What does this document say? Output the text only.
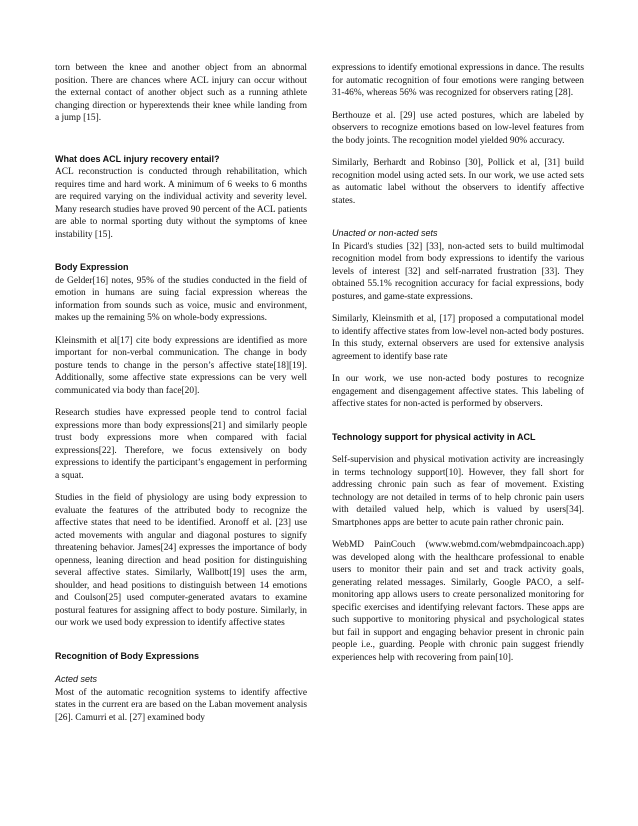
torn between the knee and another object from an abnormal position. There are chances where ACL injury can occur without the external contact of another object such as a running athlete changing direction or hyperextends their knee while landing from a jump [15].

What does ACL injury recovery entail?

ACL reconstruction is conducted through rehabilitation, which requires time and hard work. A minimum of 6 weeks to 6 months are required varying on the individual activity and severity level. Many research studies have proved 90 percent of the ACL patients are able to normal sporting duty without the symptoms of knee instability [15].

Body Expression

de Gelder[16] notes, 95% of the studies conducted in the field of emotion in humans are suing facial expression whereas the information from sounds such as voice, music and environment, makes up the remaining 5% on whole-body expressions.

Kleinsmith et al[17] cite body expressions are identified as more important for non-verbal communication. The change in body posture tends to change in the person’s affective state[18][19]. Additionally, some affective state expressions can be very well communicated via body than face[20].

Research studies have expressed people tend to control facial expressions more than body expressions[21] and similarly people trust body expressions more when compared with facial expressions[22]. Therefore, we focus extensively on body expressions to identify the participant’s engagement in performing a squat.

Studies in the field of physiology are using body expression to evaluate the features of the attributed body to recognize the affective states that need to be identified. Aronoff et al. [23] use acted movements with angular and diagonal postures to signify threatening behavior. James[24] expresses the importance of body openness, leaning direction and head position for distinguishing several affective states. Similarly, Wallbott[19] uses the arm, shoulder, and head positions to distinguish between 14 emotions and Coulson[25] used computer-generated avatars to examine postural features for assigning affect to body posture. Similarly, in our work we used body expression to identify affective states

Recognition of Body Expressions
Acted sets

Most of the automatic recognition systems to identify affective states in the current era are based on the Laban movement analysis [26]. Camurri et al. [27] examined body

expressions to identify emotional expressions in dance. The results for automatic recognition of four emotions were ranging between 31-46%, whereas 56% was recognized for observers rating [28].

Berthouze et al. [29] use acted postures, which are labeled by observers to recognize emotions based on low-level features from the body joints. The recognition model yielded 90% accuracy.

Similarly, Berhardt and Robinso [30], Pollick et al, [31] build recognition model using acted sets. In our work, we use acted sets as automatic label without the observers to identify affective states.

Unacted or non-acted sets

In Picard's studies [32] [33], non-acted sets to build multimodal recognition model from body expressions to identify the various levels of interest [32] and self-narrated frustration [33]. They obtained 55.1% recognition accuracy for facial expressions, body postures, and game-state expressions.

Similarly, Kleinsmith et al, [17] proposed a computational model to identify affective states from low-level non-acted body postures. In this study, external observers are used for extensive analysis agreement to identify base rate

In our work, we use non-acted body postures to recognize engagement and disengagement affective states. This labeling of affective states for non-acted is performed by observers.

Technology support for physical activity in ACL

Self-supervision and physical motivation activity are increasingly in terms technology support[10]. However, they fall short for addressing chronic pain such as fear of movement. Existing technology are not detailed in terms of to help chronic pain users with detailed valued help, which is valued by users[34]. Smartphones apps are better to acute pain rather chronic pain.

WebMD PainCouch (www.webmd.com/webmdpaincoach.app) was developed along with the healthcare professional to enable users to monitor their pain and set and track activity goals, generating related messages. Similarly, Google PACO, a self-monitoring app allows users to create personalized monitoring for specific exercises and identifying relevant factors. These apps are such supportive to monitoring physical and psychological states but fail in support and engaging behavior present in chronic pain people i.e., guarding. People with chronic pain suggest friendly experiences help with recovering from pain[10].
